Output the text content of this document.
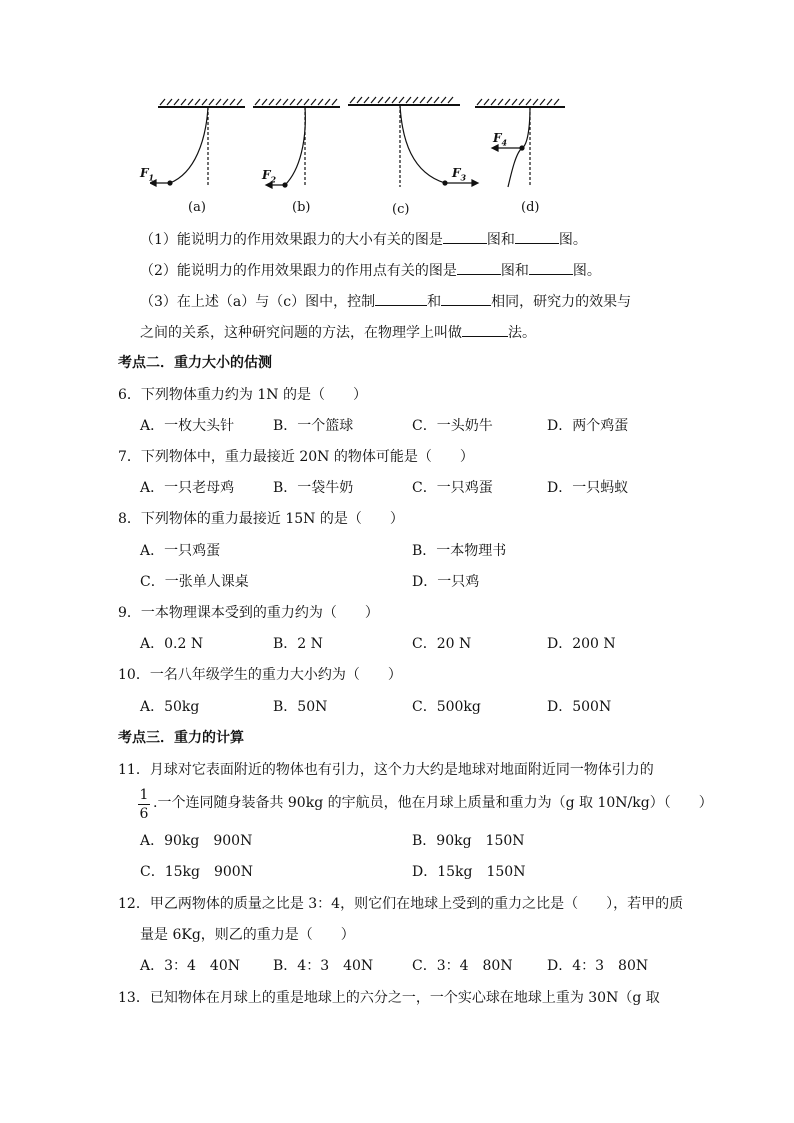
$F_1$	$F_2$	$F_3$
$F_4$
(a)	(b)	(c)	(d)
（1）能说明力的作用效果跟力的大小有关的图是	图和	图。
（2）能说明力的作用效果跟力的作用点有关的图是	图和	图。
（3）在上述（a）与（c）图中，控制	和	相同，研究力的效果与
之间的关系，这种研究问题的方法，在物理学上叫做	法。
考点二．重力大小的估测
6．下列物体重力约为 1N 的是（　　）
A．一枚大头针	B．一个篮球	C．一头奶牛	D．两个鸡蛋
7．下列物体中，重力最接近 20N 的物体可能是（　　）
A．一只老母鸡	B．一袋牛奶	C．一只鸡蛋	D．一只蚂蚁
8．下列物体的重力最接近 15N 的是（　　）
A．一只鸡蛋	B．一本物理书
C．一张单人课桌	D．一只鸡
9．一本物理课本受到的重力约为（　　）
A．0.2 N	B．2 N	C．20 N	D．200 N
10．一名八年级学生的重力大小约为（　　）
A．50kg	B．50N	C．500kg	D．500N
考点三．重力的计算
11．月球对它表面附近的物体也有引力，这个力大约是地球对地面附近同一物体引力的
1
6
.一个连同随身装备共 90kg 的宇航员，他在月球上质量和重力为（g 取 10N/kg）（　　）
A．90kg　900N	B．90kg　150N
C．15kg　900N	D．15kg　150N
12．甲乙两物体的质量之比是 3：4，则它们在地球上受到的重力之比是（　　），若甲的质
量是 6Kg，则乙的重力是（　　）
A．3：4　40N B．4：3　40N	C．3：4　80N D．4：3　80N
13．已知物体在月球上的重是地球上的六分之一，一个实心球在地球上重为 30N（g 取
